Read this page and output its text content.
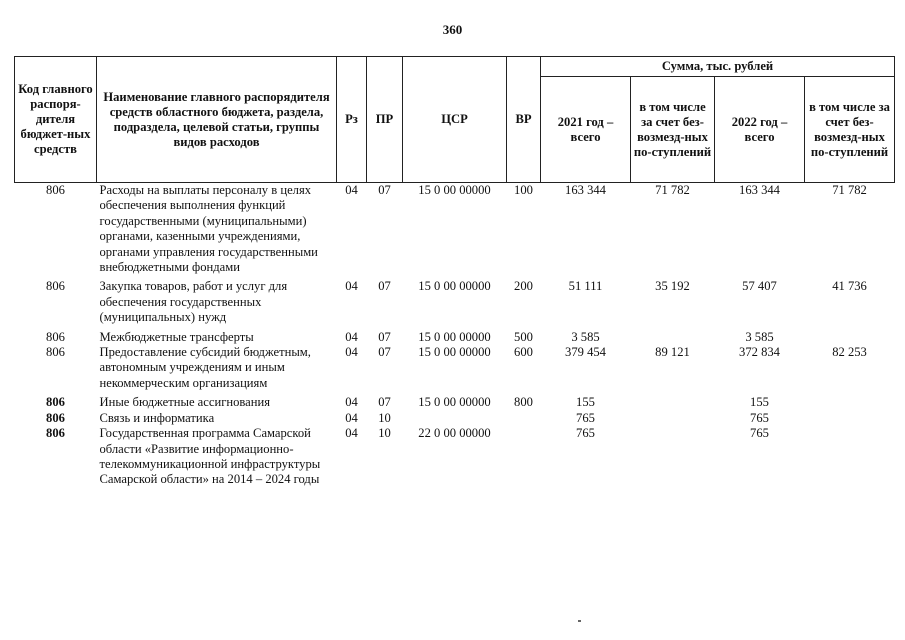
360
Код главного распоря-дителя бюджет-ных средств	Наименование главного распорядителя средств областного бюджета, раздела, подраздела, целевой статьи, группы видов расходов	Рз	ПР	ЦСР	ВР	Сумма, тыс. рублей			
						2021 год – всего	в том числе за счет без-возмезд-ных по-ступлений	2022 год – всего	в том числе за счет без-возмезд-ных по-ступлений
806	Расходы на выплаты персоналу в целях обеспечения выполнения функций государственными (муниципальными) органами, казенными учреждениями, органами управления государственными внебюджетными фондами	04	07	15 0 00 00000	100	163 344	71 782	163 344	71 782
806	Закупка товаров, работ и услуг для обеспечения государственных (муниципальных) нужд	04	07	15 0 00 00000	200	51 111	35 192	57 407	41 736
806	Межбюджетные трансферты	04	07	15 0 00 00000	500	3 585		3 585	
806	Предоставление субсидий бюджетным, автономным учреждениям и иным некоммерческим организациям	04	07	15 0 00 00000	600	379 454	89 121	372 834	82 253
806	Иные бюджетные ассигнования	04	07	15 0 00 00000	800	155		155	
806	Связь и информатика	04	10			765		765	
806	Государственная программа Самарской области «Развитие информационно-телекоммуникационной инфраструктуры Самарской области» на 2014 – 2024 годы	04	10	22 0 00 00000		765		765	
